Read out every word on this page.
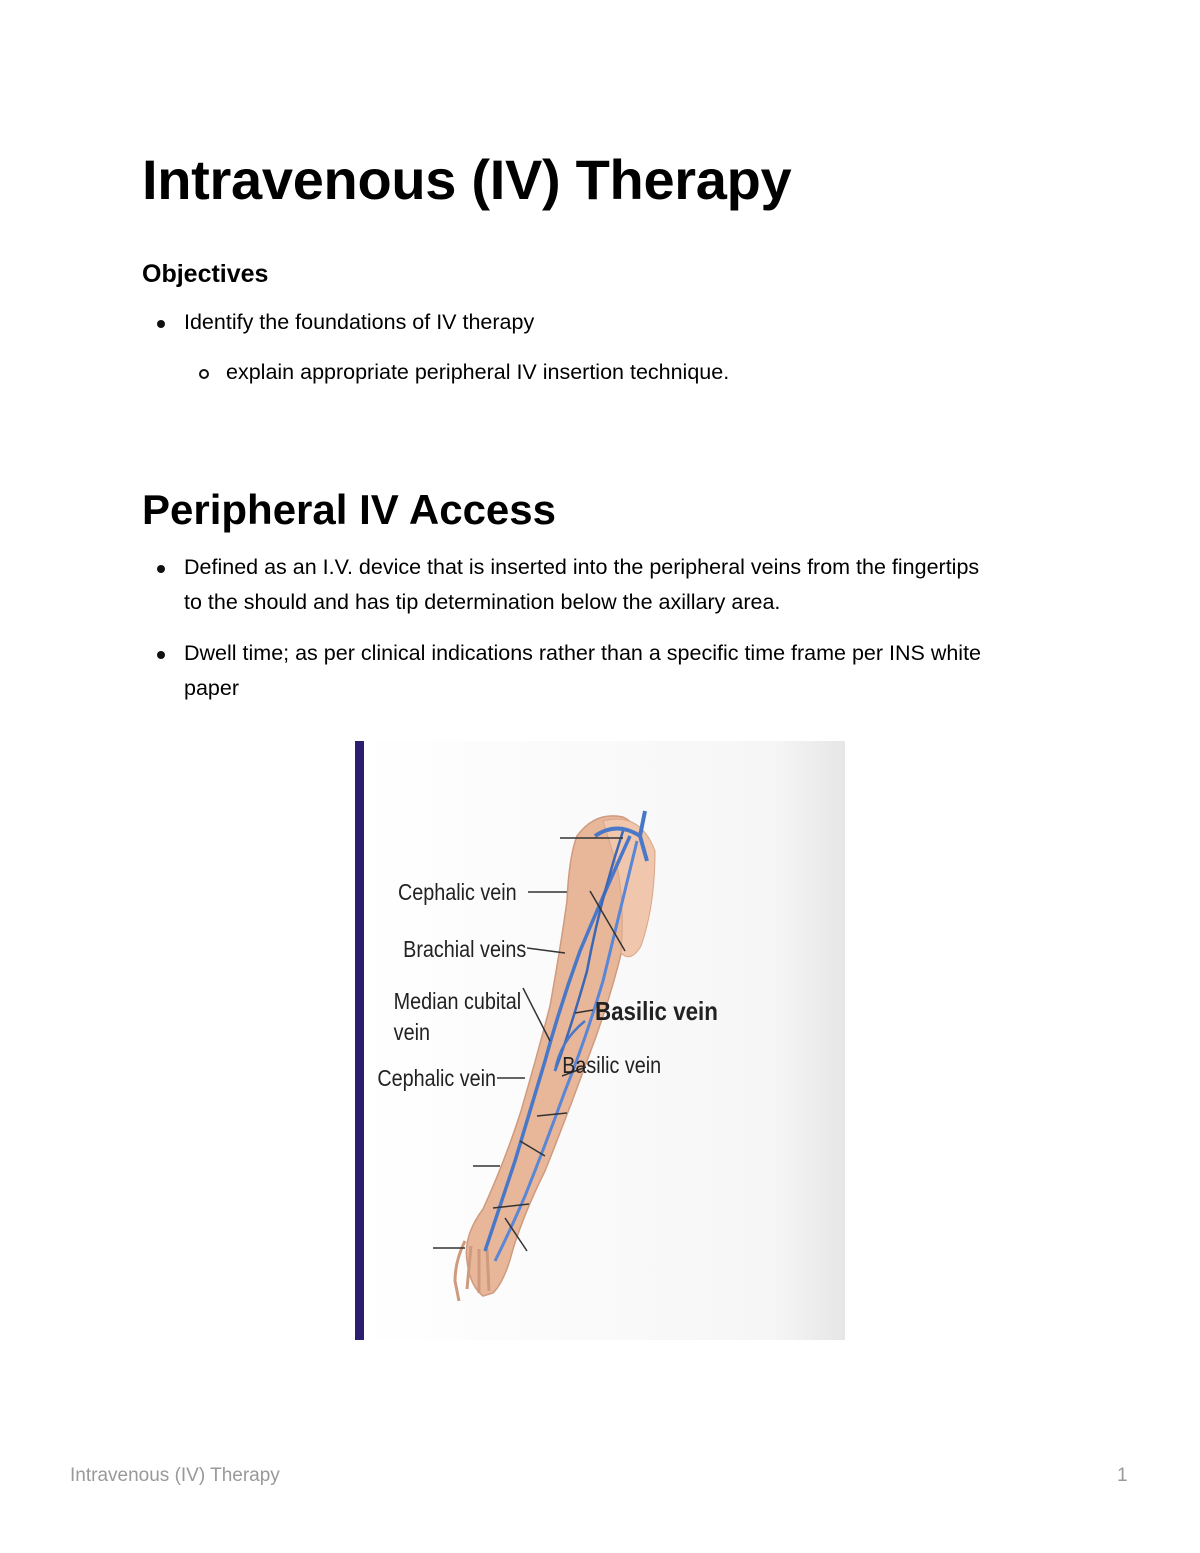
Intravenous (IV) Therapy
Objectives
Identify the foundations of IV therapy
explain appropriate peripheral IV insertion technique.
Peripheral IV Access
Defined as an I.V. device that is inserted into the peripheral veins from the fingertips
to the should and has tip determination below the axillary area.
Dwell time; as per clinical indications rather than a specific time frame per INS white
paper
Cephalic vein
Brachial veins
Median cubital
vein
Cephalic vein
Basilic vein
Basilic vein
Intravenous (IV) Therapy	1
